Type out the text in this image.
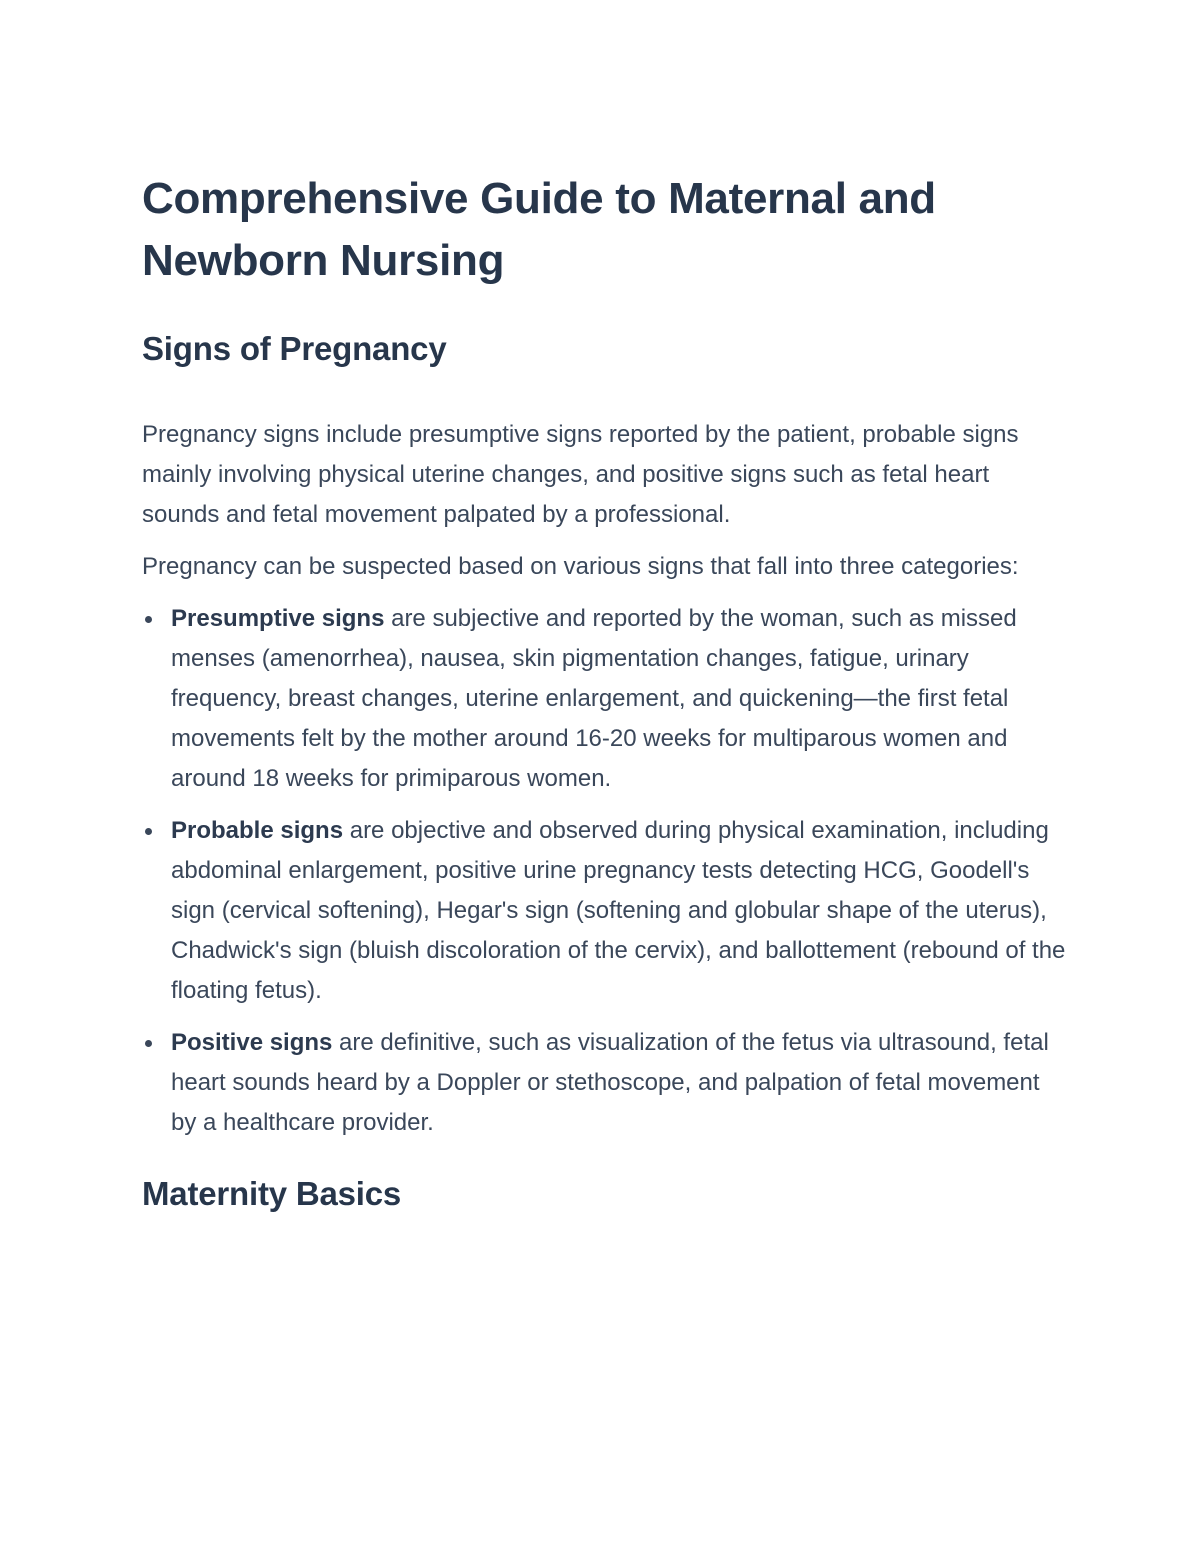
Comprehensive Guide to Maternal and Newborn Nursing
Signs of Pregnancy

Pregnancy signs include presumptive signs reported by the patient, probable signs mainly involving physical uterine changes, and positive signs such as fetal heart sounds and fetal movement palpated by a professional.

Pregnancy can be suspected based on various signs that fall into three categories:

Presumptive signs are subjective and reported by the woman, such as missed menses (amenorrhea), nausea, skin pigmentation changes, fatigue, urinary frequency, breast changes, uterine enlargement, and quickening—the first fetal movements felt by the mother around 16-20 weeks for multiparous women and around 18 weeks for primiparous women.
Probable signs are objective and observed during physical examination, including abdominal enlargement, positive urine pregnancy tests detecting HCG, Goodell's sign (cervical softening), Hegar's sign (softening and globular shape of the uterus), Chadwick's sign (bluish discoloration of the cervix), and ballottement (rebound of the floating fetus).
Positive signs are definitive, such as visualization of the fetus via ultrasound, fetal heart sounds heard by a Doppler or stethoscope, and palpation of fetal movement by a healthcare provider.
Maternity Basics
